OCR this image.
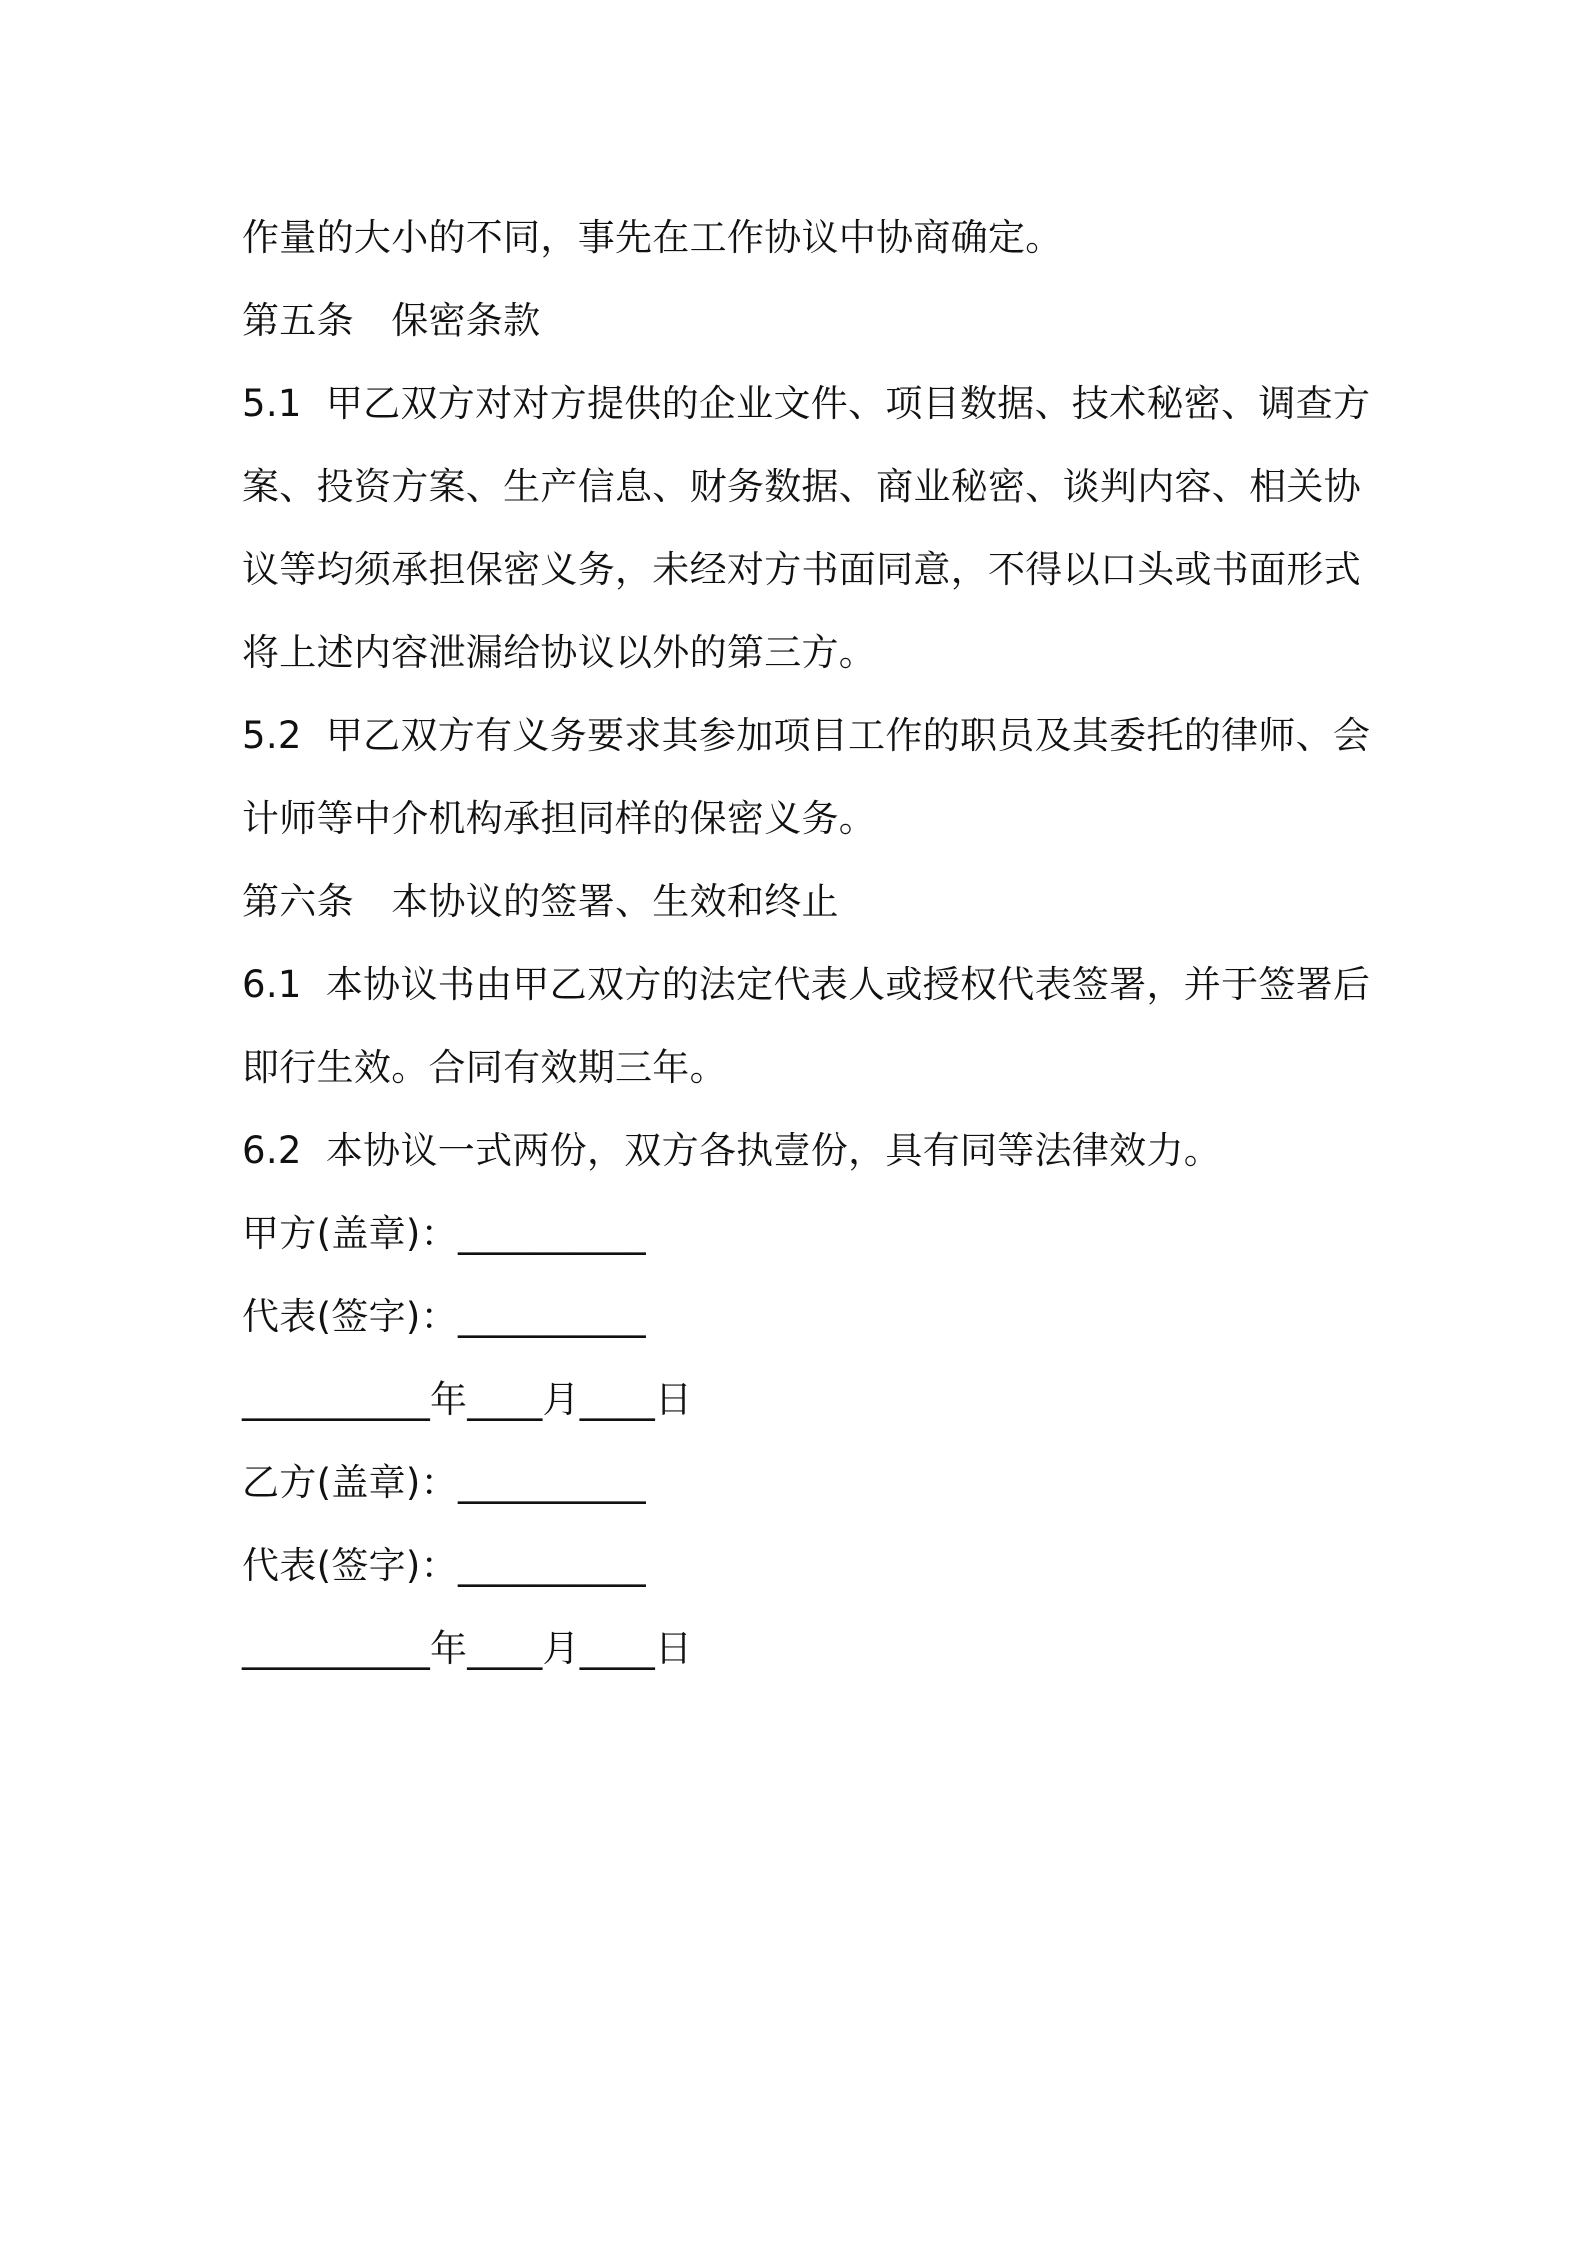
作量的大小的不同，事先在工作协议中协商确定。
第五条　保密条款
5.1  甲乙双方对对方提供的企业文件、项目数据、技术秘密、调查方
案、投资方案、生产信息、财务数据、商业秘密、谈判内容、相关协
议等均须承担保密义务，未经对方书面同意，不得以口头或书面形式
将上述内容泄漏给协议以外的第三方。
5.2  甲乙双方有义务要求其参加项目工作的职员及其委托的律师、会
计师等中介机构承担同样的保密义务。
第六条　本协议的签署、生效和终止
6.1  本协议书由甲乙双方的法定代表人或授权代表签署，并于签署后
即行生效。合同有效期三年。
6.2  本协议一式两份，双方各执壹份，具有同等法律效力。
甲方(盖章)：__________
代表(签字)：__________
__________年____月____日
乙方(盖章)：__________
代表(签字)：__________
__________年____月____日
